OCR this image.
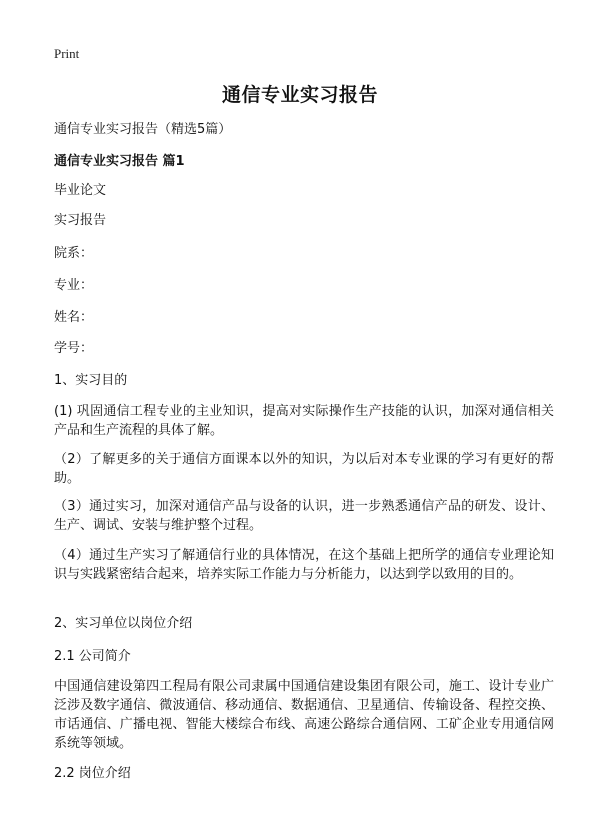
Print
通信专业实习报告

通信专业实习报告（精选5篇）

通信专业实习报告 篇1

毕业论文

实习报告

院系：

专业：

姓名：

学号：

1、实习目的

(1) 巩固通信工程专业的主业知识，提高对实际操作生产技能的认识，加深对通信相关产品和生产流程的具体了解。

（2）了解更多的关于通信方面课本以外的知识，为以后对本专业课的学习有更好的帮助。

（3）通过实习，加深对通信产品与设备的认识，进一步熟悉通信产品的研发、设计、生产、调试、安装与维护整个过程。

（4）通过生产实习了解通信行业的具体情况，在这个基础上把所学的通信专业理论知识与实践紧密结合起来，培养实际工作能力与分析能力，以达到学以致用的目的。

2、实习单位以岗位介绍

2.1 公司简介

中国通信建设第四工程局有限公司隶属中国通信建设集团有限公司，施工、设计专业广泛涉及数字通信、微波通信、移动通信、数据通信、卫星通信、传输设备、程控交换、市话通信、广播电视、智能大楼综合布线、高速公路综合通信网、工矿企业专用通信网系统等领域。

2.2 岗位介绍
